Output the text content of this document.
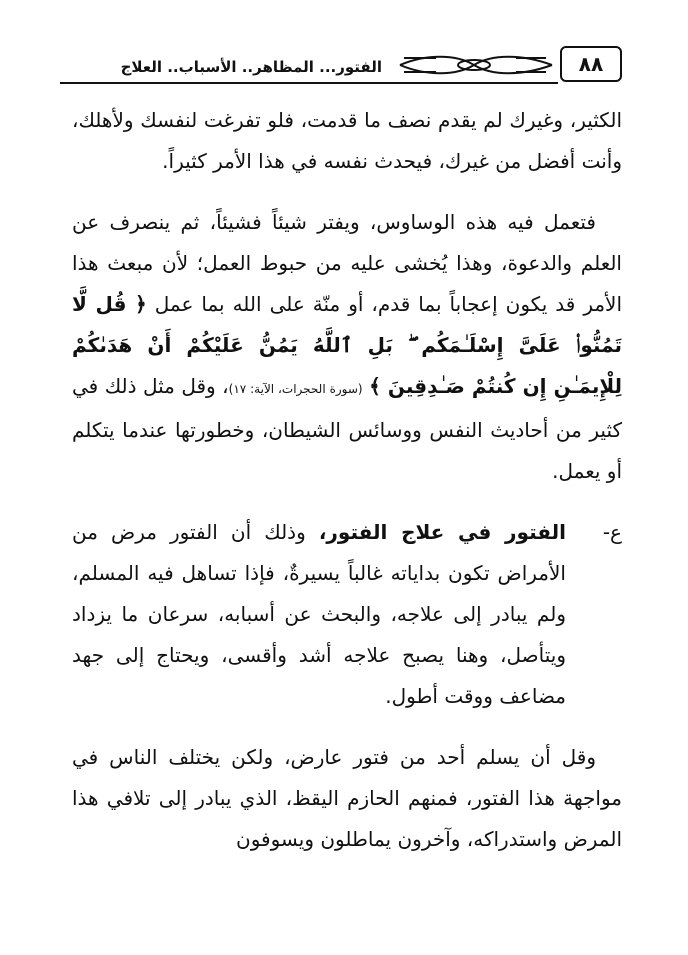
الفتور... المظاهر.. الأسباب.. العلاج	٨٨

الكثير، وغيرك لم يقدم نصف ما قدمت، فلو تفرغت لنفسك ولأهلك، وأنت أفضل من غيرك، فيحدث نفسه في هذا الأمر كثيراً.

فتعمل فيه هذه الوساوس، ويفتر شيئاً فشيئاً، ثم ينصرف عن العلم والدعوة، وهذا يُخشى عليه من حبوط العمل؛ لأن مبعث هذا الأمر قد يكون إعجاباً بما قدم، أو منّة على الله بما عمل ﴿ قُل لَّا تَمُنُّوا۟ عَلَىَّ إِسْلَـٰمَكُم ۖ بَلِ ٱللَّهُ يَمُنُّ عَلَيْكُمْ أَنْ هَدَىٰكُمْ لِلْإِيمَـٰنِ إِن كُنتُمْ صَـٰدِقِينَ ﴾ (سورة الحجرات، الآية: ١٧)، وقل مثل ذلك في كثير من أحاديث النفس ووسائس الشيطان، وخطورتها عندما يتكلم أو يعمل.

ع-
الفتور في علاج الفتور، وذلك أن الفتور مرض من الأمراض تكون بداياته غالباً يسيرةٌ، فإذا تساهل فيه المسلم، ولم يبادر إلى علاجه، والبحث عن أسبابه، سرعان ما يزداد ويتأصل، وهنا يصبح علاجه أشد وأقسى، ويحتاج إلى جهد مضاعف ووقت أطول.

وقل أن يسلم أحد من فتور عارض، ولكن يختلف الناس في مواجهة هذا الفتور، فمنهم الحازم اليقظ، الذي يبادر إلى تلافي هذا المرض واستدراكه، وآخرون يماطلون ويسوفون
